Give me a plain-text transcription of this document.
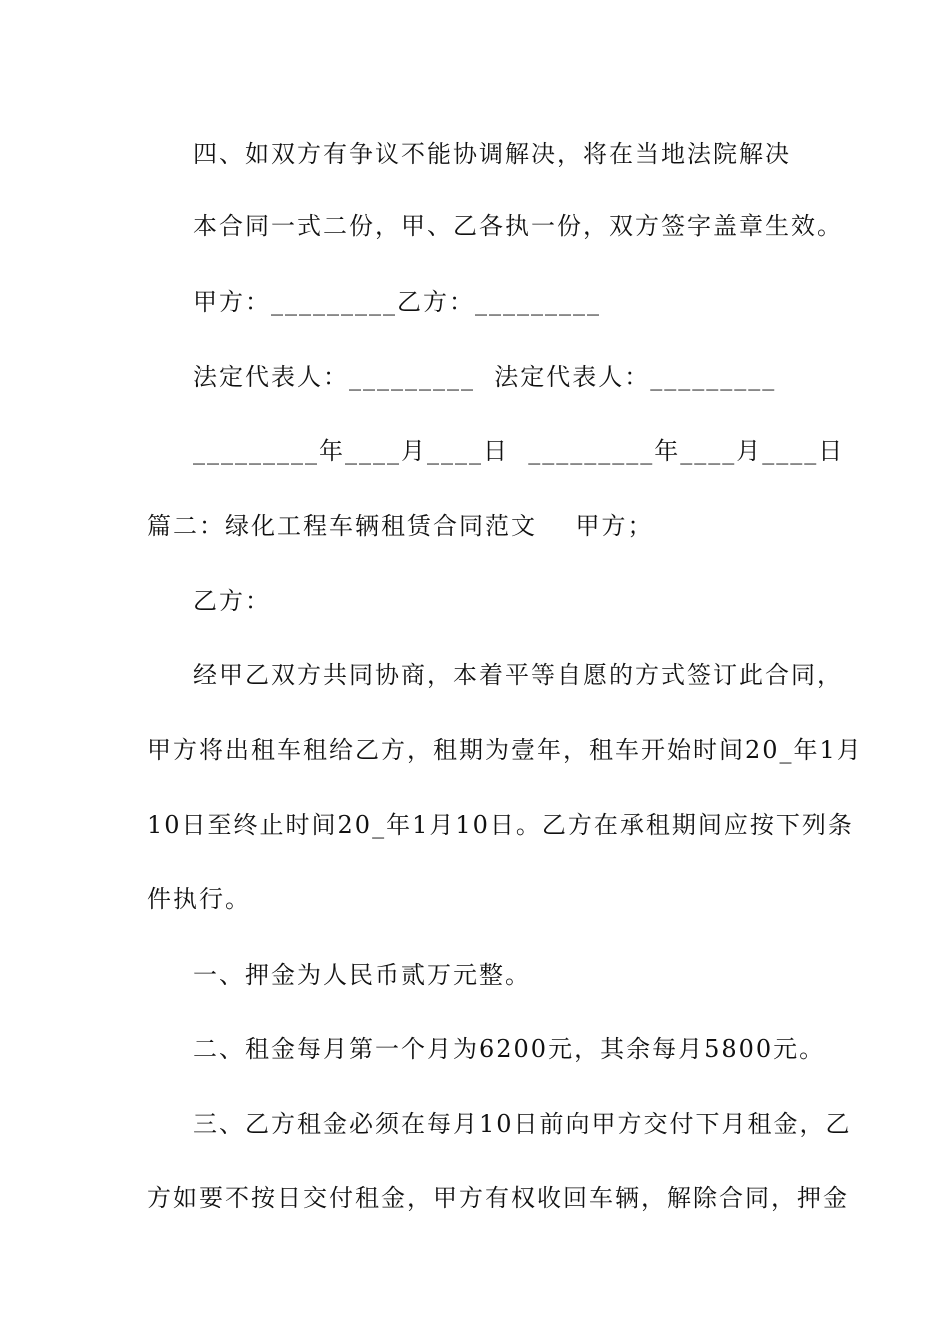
四、如双方有争议不能协调解决，将在当地法院解决
本合同一式二份，甲、乙各执一份，双方签字盖章生效。
甲方：_________乙方：_________
法定代表人：_________  法定代表人：_________
_________年____月____日  _________年____月____日
篇二：绿化工程车辆租赁合同范文    甲方；
乙方：
经甲乙双方共同协商，本着平等自愿的方式签订此合同，
甲方将出租车租给乙方，租期为壹年，租车开始时间20_年1月
10日至终止时间20_年1月10日。乙方在承租期间应按下列条
件执行。
一、押金为人民币贰万元整。
二、租金每月第一个月为6200元，其余每月5800元。
三、乙方租金必须在每月10日前向甲方交付下月租金，乙
方如要不按日交付租金，甲方有权收回车辆，解除合同，押金
